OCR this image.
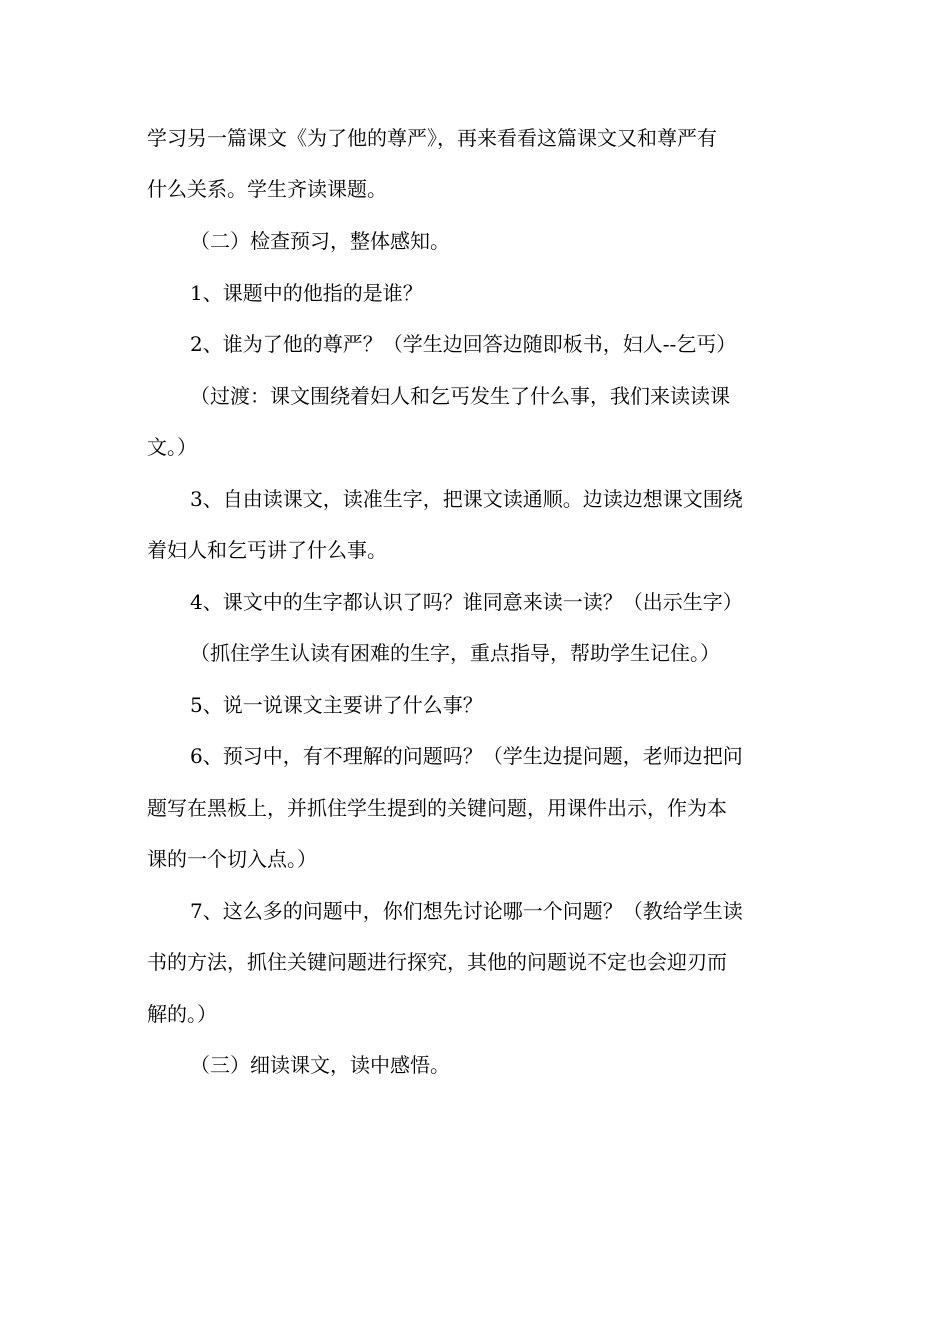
学习另一篇课文《为了他的尊严》，再来看看这篇课文又和尊严有
什么关系。学生齐读课题。
（二）检查预习，整体感知。
1、课题中的他指的是谁？
2、谁为了他的尊严？（学生边回答边随即板书，妇人--乞丐）
（过渡：课文围绕着妇人和乞丐发生了什么事，我们来读读课
文。）
3、自由读课文，读准生字，把课文读通顺。边读边想课文围绕
着妇人和乞丐讲了什么事。
4、课文中的生字都认识了吗？谁同意来读一读？（出示生字）
（抓住学生认读有困难的生字，重点指导，帮助学生记住。）
5、说一说课文主要讲了什么事？
6、预习中，有不理解的问题吗？（学生边提问题，老师边把问
题写在黑板上，并抓住学生提到的关键问题，用课件出示，作为本
课的一个切入点。）
7、这么多的问题中，你们想先讨论哪一个问题？（教给学生读
书的方法，抓住关键问题进行探究，其他的问题说不定也会迎刃而
解的。）
（三）细读课文，读中感悟。
